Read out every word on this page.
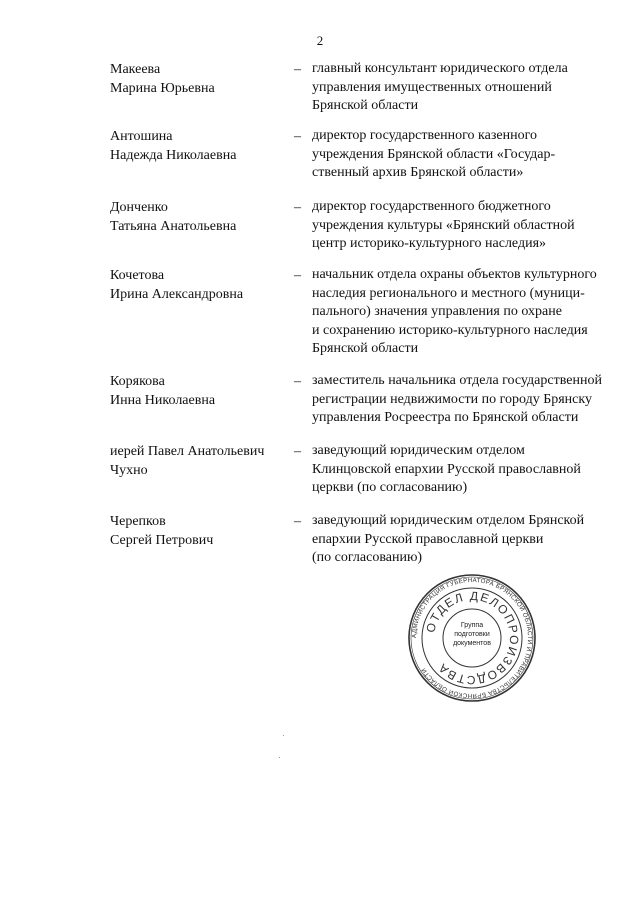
2
Макеева
Марина Юрьевна
– главный консультант юридического отдела
управления имущественных отношений
Брянской области
Антошина
Надежда Николаевна
– директор государственного казенного
учреждения Брянской области «Государ-
ственный архив Брянской области»
Донченко
Татьяна Анатольевна
– директор государственного бюджетного
учреждения культуры «Брянский областной
центр историко-культурного наследия»
Кочетова
Ирина Александровна
– начальник отдела охраны объектов культурного
наследия регионального и местного (муници-
пального) значения управления по охране
и сохранению историко-культурного наследия
Брянской области
Корякова
Инна Николаевна
– заместитель начальника отдела государственной
регистрации недвижимости по городу Брянску
управления Росреестра по Брянской области
иерей Павел Анатольевич
Чухно
– заведующий юридическим отделом
Клинцовской епархии Русской православной
церкви (по согласованию)
Черепков
Сергей Петрович
– заведующий юридическим отделом Брянской
епархии Русской православной церкви
(по согласованию)
АДМИНИСТРАЦИЯ ГУБЕРНАТОРА БРЯНСКОЙ ОБЛАСТИ И ПРАВИТЕЛЬСТВА БРЯНСКОЙ ОБЛАСТИ
ОТДЕЛ ДЕЛОПРОИЗВОДСТВА
Группа
подготовки
документов
